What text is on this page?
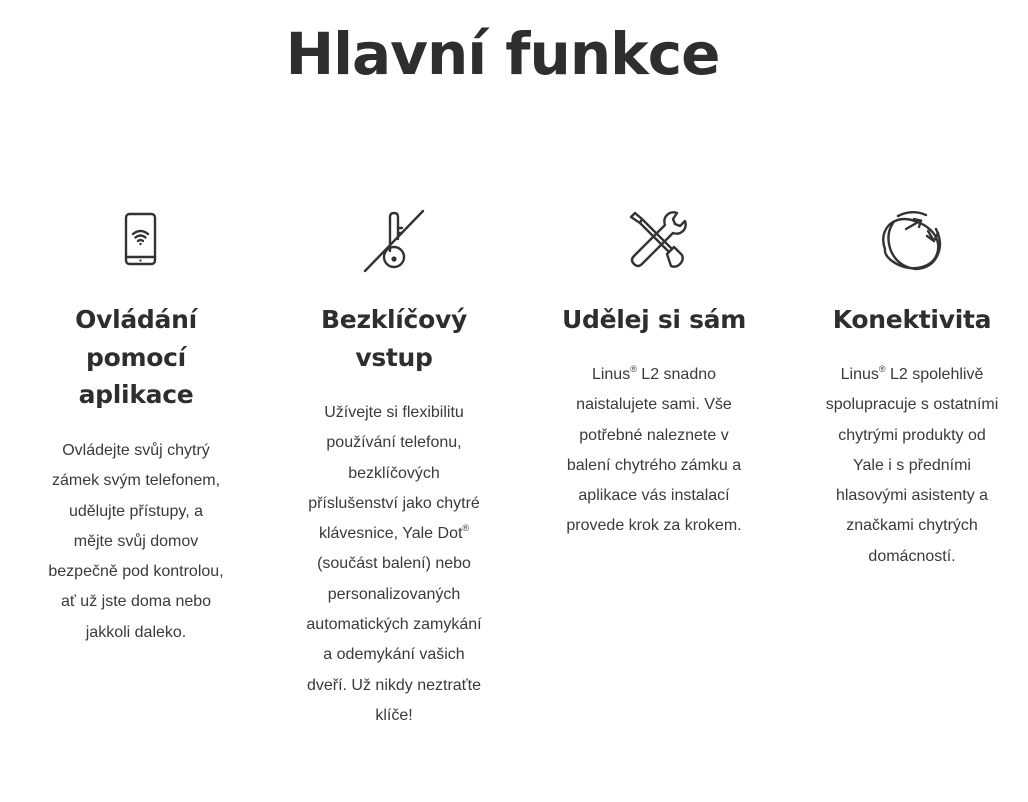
Hlavní funkce
Ovládání pomocí aplikace

Ovládejte svůj chytrý zámek svým telefonem, udělujte přístupy, a mějte svůj domov bezpečně pod kontrolou, ať už jste doma nebo jakkoli daleko.

Bezklíčový vstup

Užívejte si flexibilitu používání telefonu, bezklíčových příslušenství jako chytré klávesnice, Yale Dot® (součást balení) nebo personalizovaných automatických zamykání a odemykání vašich dveří. Už nikdy neztraťte klíče!

Udělej si sám

Linus® L2 snadno naistalujete sami. Vše potřebné naleznete v balení chytrého zámku a aplikace vás instalací provede krok za krokem.

Konektivita

Linus® L2 spolehlivě spolupracuje s ostatními chytrými produkty od Yale i s předními hlasovými asistenty a značkami chytrých domácností.
